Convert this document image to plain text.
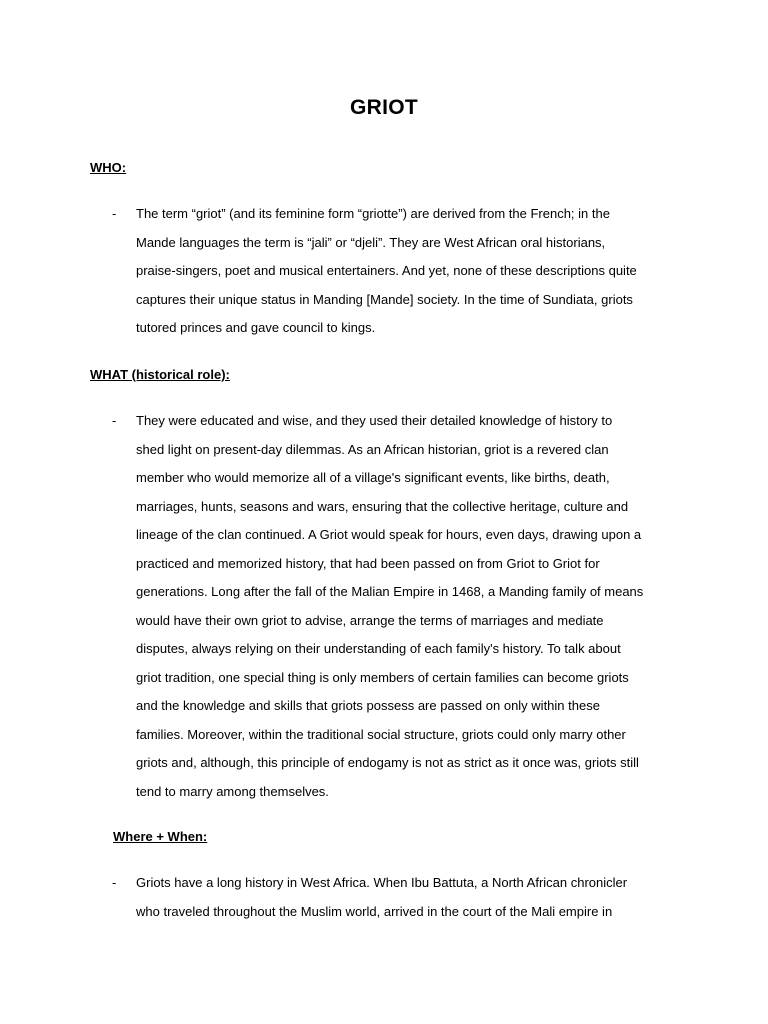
GRIOT
WHO:
- The term “griot” (and its feminine form “griotte”) are derived from the French; in the
Mande languages the term is “jali” or “djeli”. They are West African oral historians,
praise-singers, poet and musical entertainers. And yet, none of these descriptions quite
captures their unique status in Manding [Mande] society. In the time of Sundiata, griots
tutored princes and gave council to kings.
WHAT (historical role):
- They were educated and wise, and they used their detailed knowledge of history to
shed light on present-day dilemmas. As an African historian, griot is a revered clan
member who would memorize all of a village's significant events, like births, death,
marriages, hunts, seasons and wars, ensuring that the collective heritage, culture and
lineage of the clan continued. A Griot would speak for hours, even days, drawing upon a
practiced and memorized history, that had been passed on from Griot to Griot for
generations. Long after the fall of the Malian Empire in 1468, a Manding family of means
would have their own griot to advise, arrange the terms of marriages and mediate
disputes, always relying on their understanding of each family's history. To talk about
griot tradition, one special thing is only members of certain families can become griots
and the knowledge and skills that griots possess are passed on only within these
families. Moreover, within the traditional social structure, griots could only marry other
griots and, although, this principle of endogamy is not as strict as it once was, griots still
tend to marry among themselves.
Where + When:
- Griots have a long history in West Africa. When Ibu Battuta, a North African chronicler
who traveled throughout the Muslim world, arrived in the court of the Mali empire in
